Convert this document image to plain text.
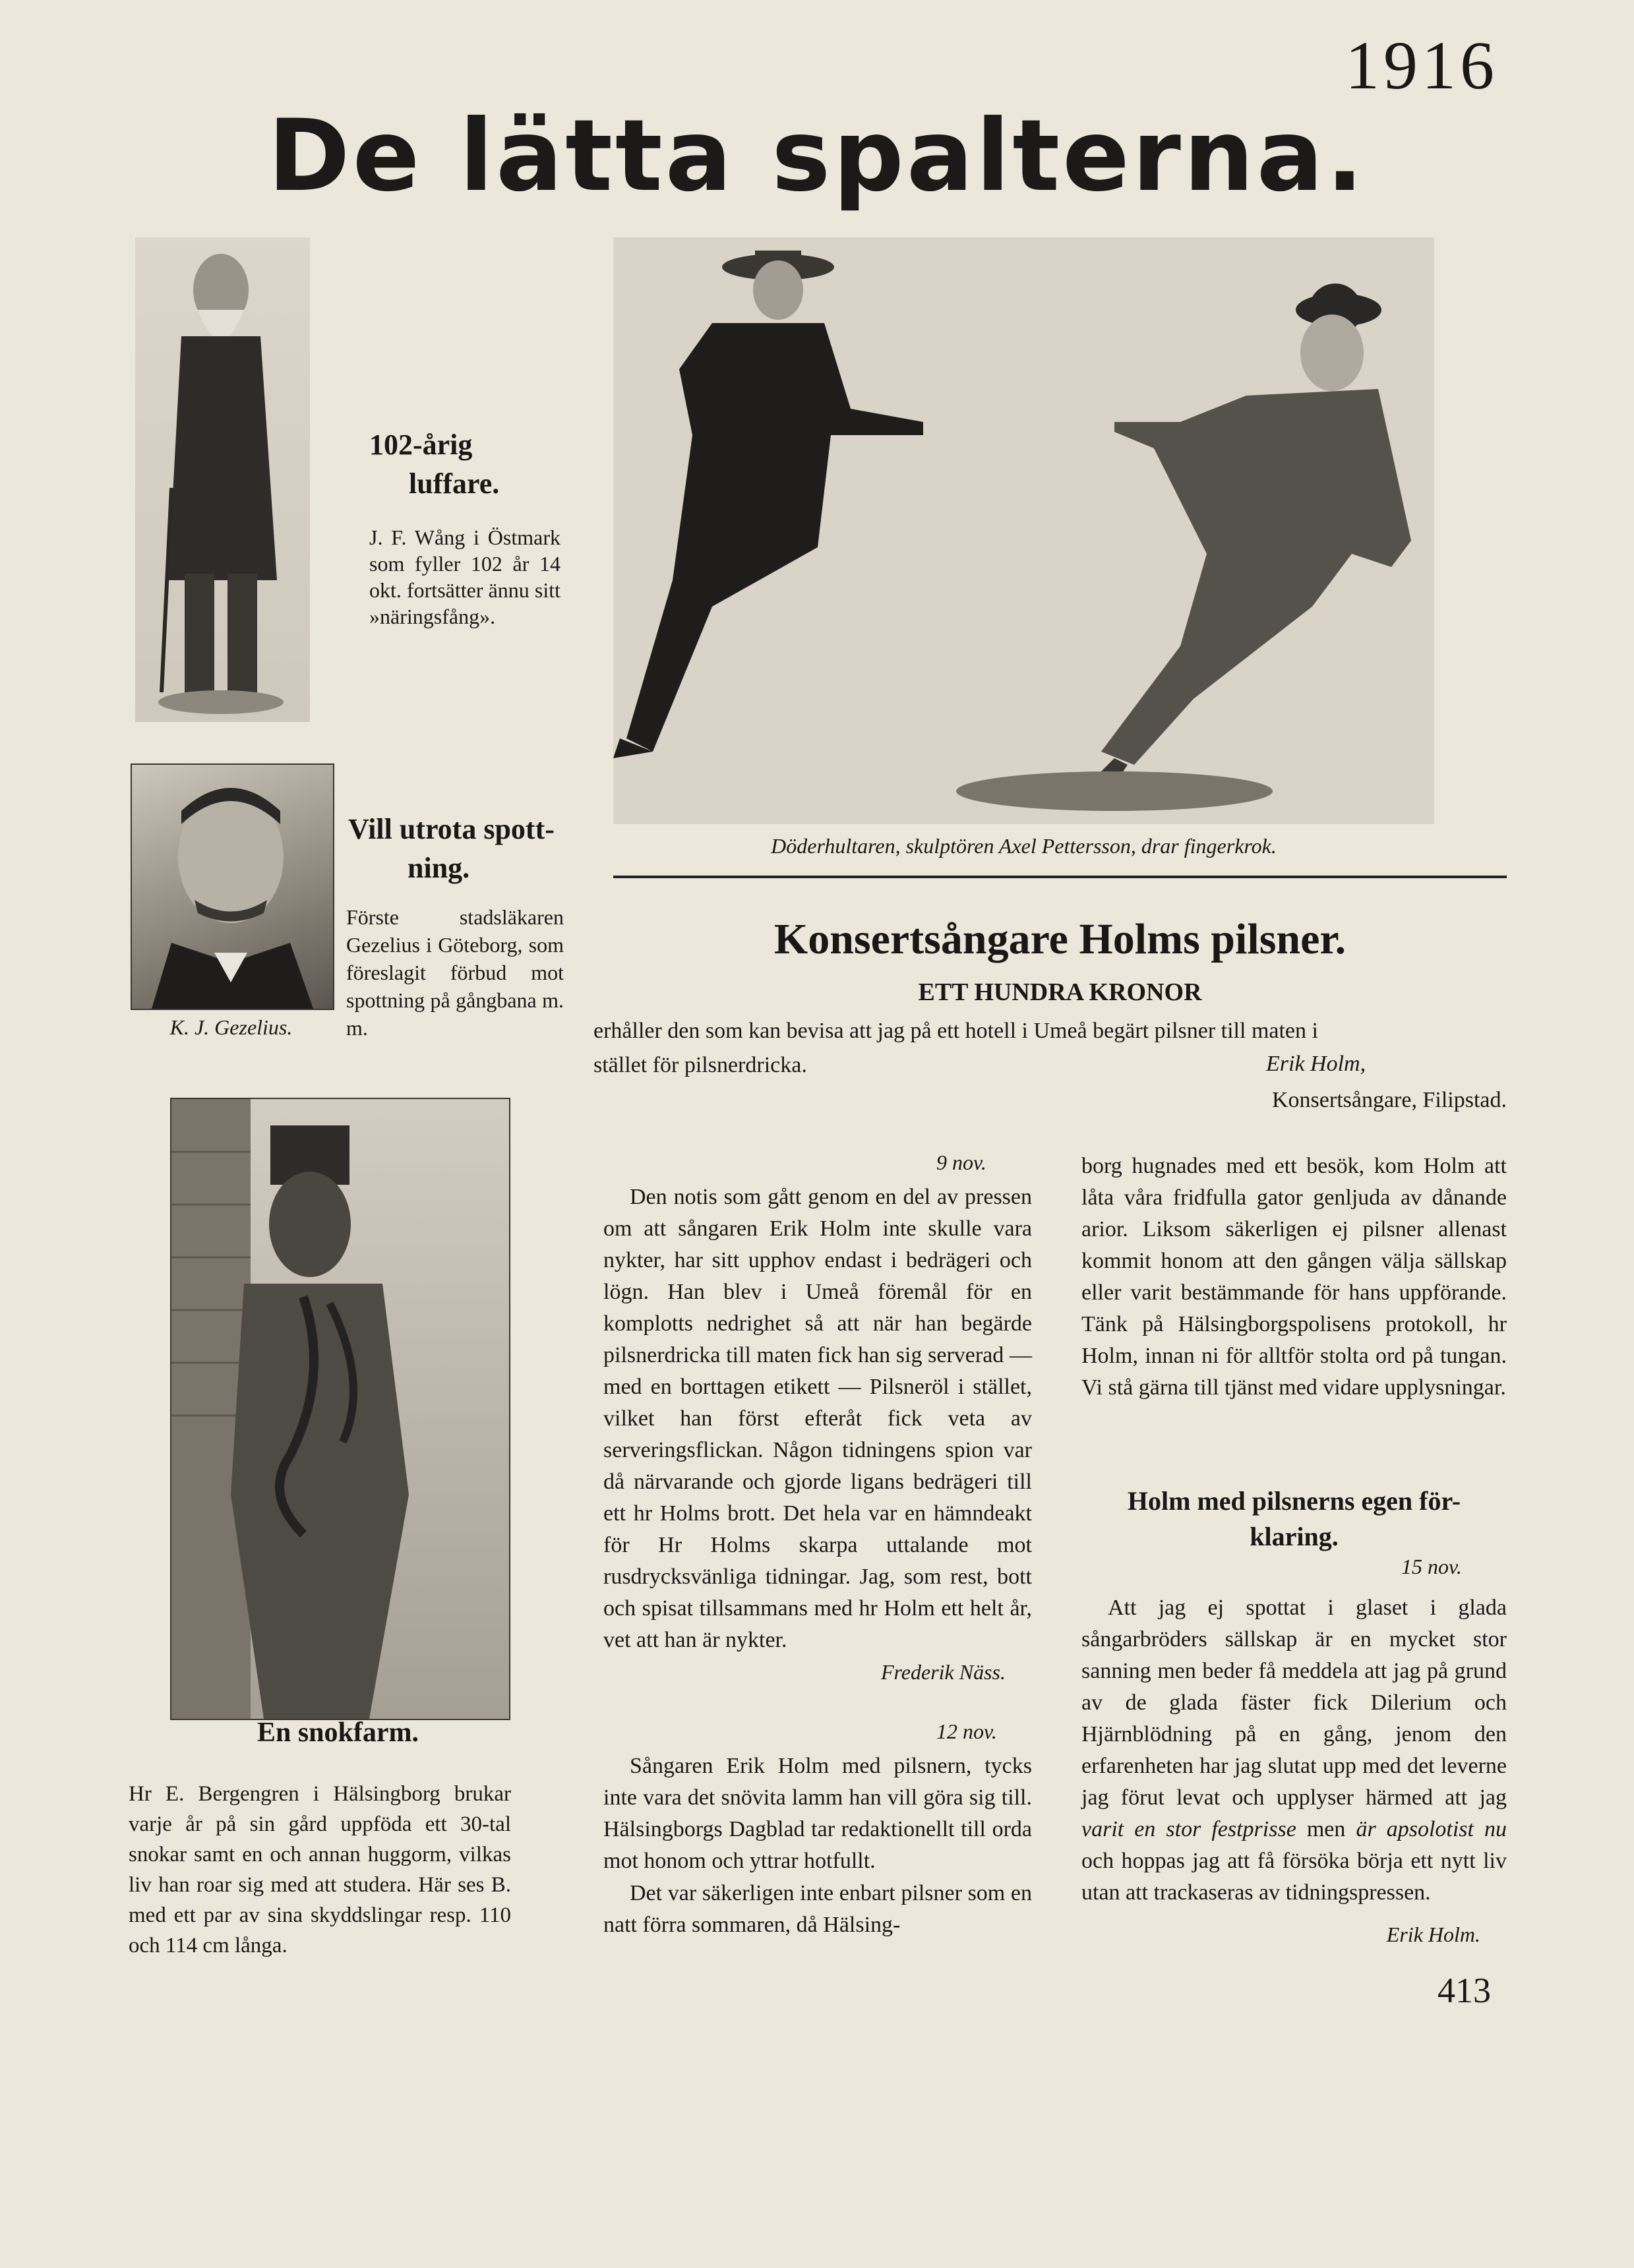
1916
De lätta spalterna.
102-årig
luffare.
J. F. Wång i Östmark som fyller 102 år 14 okt. fortsätter ännu sitt »näringsfång».
Döderhultaren, skulptören Axel Pettersson, drar fingerkrok.
K. J. Gezelius.
Vill utrota spott-
ning.
Förste stadsläkaren Gezelius i Göteborg, som föreslagit förbud mot spottning på gångbana m. m.
En snokfarm.
Hr E. Bergengren i Hälsingborg brukar varje år på sin gård uppföda ett 30-tal snokar samt en och annan huggorm, vilkas liv han roar sig med att studera. Här ses B. med ett par av sina skyddslingar resp. 110 och 114 cm långa.
Konsertsångare Holms pilsner.
ETT HUNDRA KRONOR
erhåller den som kan bevisa att jag på ett hotell i Umeå begärt pilsner till maten i
stället för pilsnerdricka.	Erik Holm,
Konsertsångare, Filipstad.
9 nov.
Den notis som gått genom en del av pressen om att sångaren Erik Holm inte skulle vara nykter, har sitt upphov endast i bedrägeri och lögn. Han blev i Umeå föremål för en komplotts nedrighet så att när han begärde pilsnerdricka till maten fick han sig serverad — med en borttagen etikett — Pilsneröl i stället, vilket han först efteråt fick veta av serveringsflickan. Någon tidningens spion var då närvarande och gjorde ligans bedrägeri till ett hr Holms brott. Det hela var en hämndeakt för Hr Holms skarpa uttalande mot rusdrycksvänliga tidningar. Jag, som rest, bott och spisat tillsammans med hr Holm ett helt år, vet att han är nykter.
Frederik Näss.
12 nov.
Sångaren Erik Holm med pilsnern, tycks inte vara det snövita lamm han vill göra sig till. Hälsingborgs Dagblad tar redaktionellt till orda mot honom och yttrar hotfullt.
Det var säkerligen inte enbart pilsner som en natt förra sommaren, då Hälsing-
borg hugnades med ett besök, kom Holm att låta våra fridfulla gator genljuda av dånande arior. Liksom säkerligen ej pilsner allenast kommit honom att den gången välja sällskap eller varit bestämmande för hans uppförande. Tänk på Hälsingborgspolisens protokoll, hr Holm, innan ni för alltför stolta ord på tungan. Vi stå gärna till tjänst med vidare upplysningar.
Holm med pilsnerns egen för-
klaring.
15 nov.
Att jag ej spottat i glaset i glada sångarbröders sällskap är en mycket stor sanning men beder få meddela att jag på grund av de glada fäster fick Dilerium och Hjärnblödning på en gång, jenom den erfarenheten har jag slutat upp med det leverne jag förut levat och upplyser härmed att jag varit en stor festprisse men är apsolotist nu och hoppas jag att få försöka börja ett nytt liv utan att trackaseras av tidningspressen.
Erik Holm.
413
